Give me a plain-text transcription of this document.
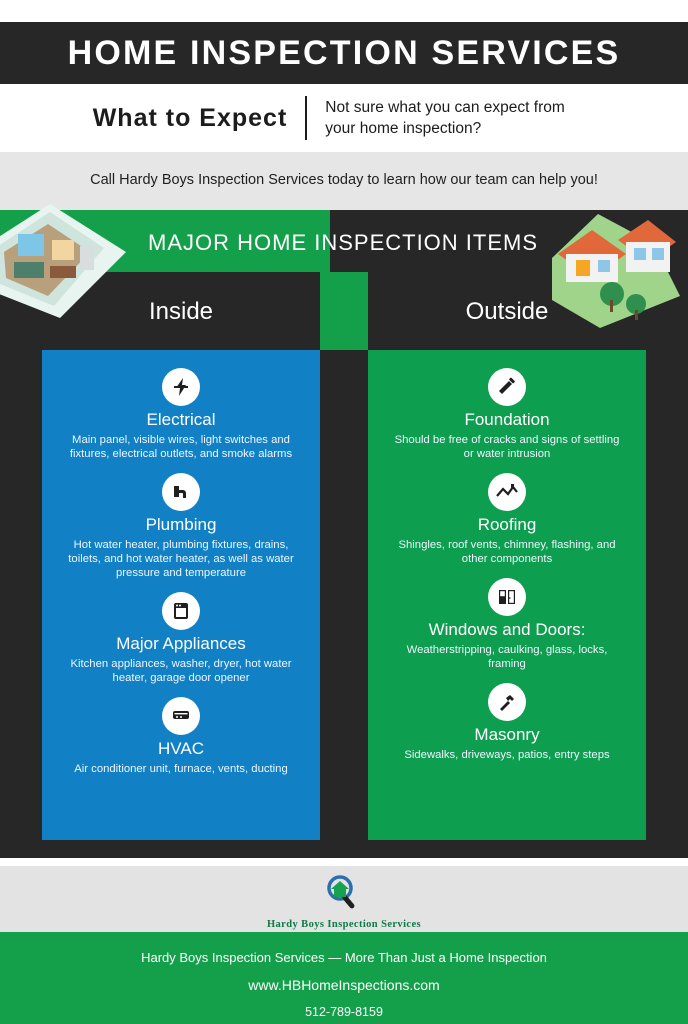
HOME INSPECTION SERVICES
What to Expect	Not sure what you can expect from your home inspection?
Call Hardy Boys Inspection Services today to learn how our team can help you!
MAJOR HOME INSPECTION ITEMS
Inside	Outside
Electrical
Main panel, visible wires, light switches and fixtures, electrical outlets, and smoke alarms
Plumbing
Hot water heater, plumbing fixtures, drains, toilets, and hot water heater, as well as water pressure and temperature
Major Appliances
Kitchen appliances, washer, dryer, hot water heater, garage door opener
HVAC
Air conditioner unit, furnace, vents, ducting
Foundation
Should be free of cracks and signs of settling or water intrusion
Roofing
Shingles, roof vents, chimney, flashing, and other components
Windows and Doors:
Weatherstripping, caulking, glass, locks, framing
Masonry
Sidewalks, driveways, patios, entry steps
Hardy Boys Inspection Services
Hardy Boys Inspection Services — More Than Just a Home Inspection
www.HBHomeInspections.com
512-789-8159
